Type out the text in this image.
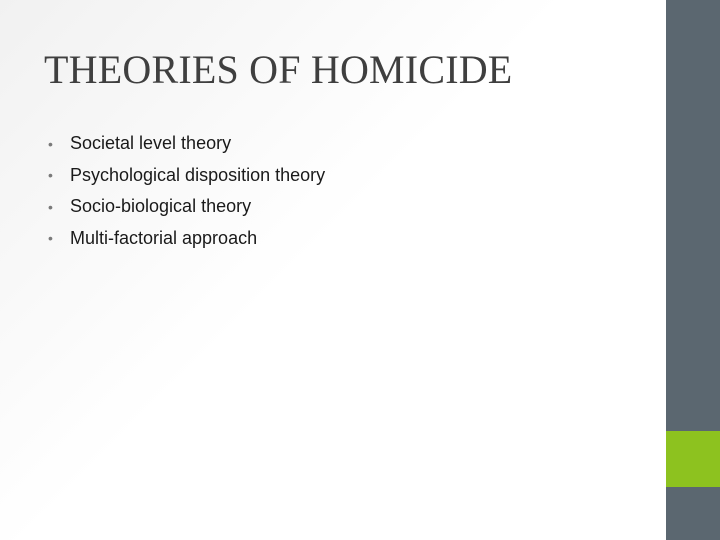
THEORIES OF HOMICIDE
• Societal level theory
• Psychological disposition theory
• Socio-biological theory
• Multi-factorial approach
